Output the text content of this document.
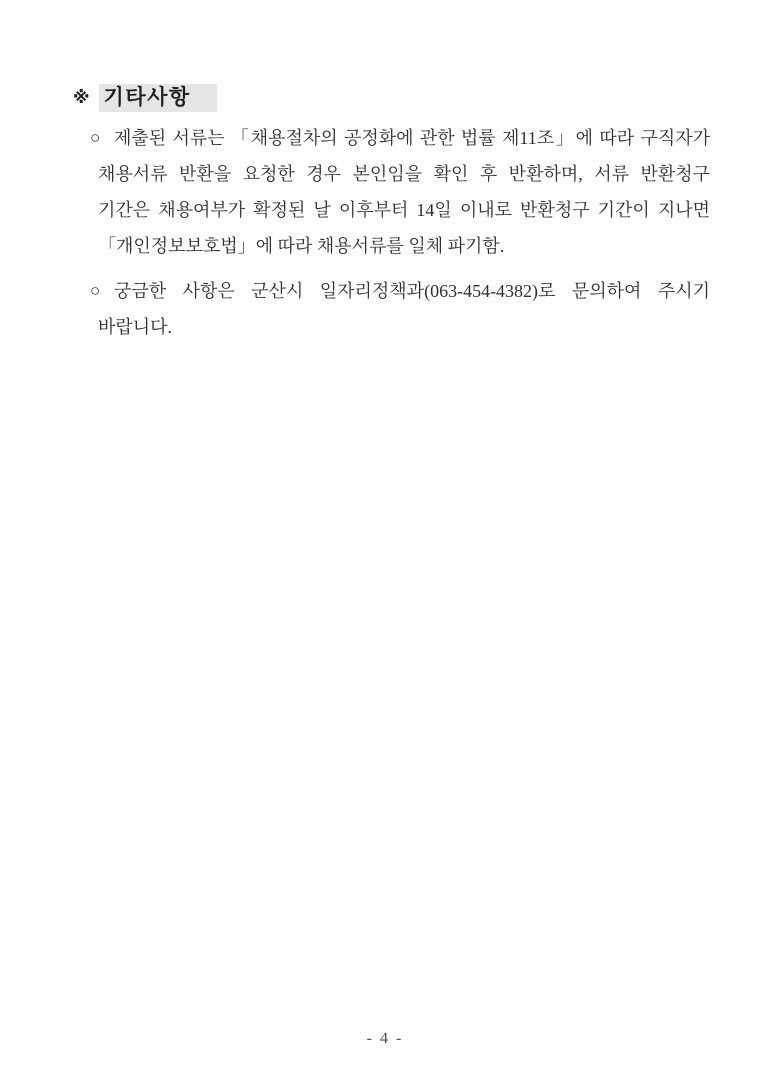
※ 기타사항
○ 제출된 서류는 「채용절차의 공정화에 관한 법률 제11조」에 따라 구직자가
채용서류 반환을 요청한 경우 본인임을 확인 후 반환하며, 서류 반환청구
기간은 채용여부가 확정된 날 이후부터 14일 이내로 반환청구 기간이 지나면
「개인정보보호법」에 따라 채용서류를 일체 파기함.
○ 궁금한 사항은 군산시 일자리정책과(063-454-4382)로 문의하여 주시기
바랍니다.
- 4 -
